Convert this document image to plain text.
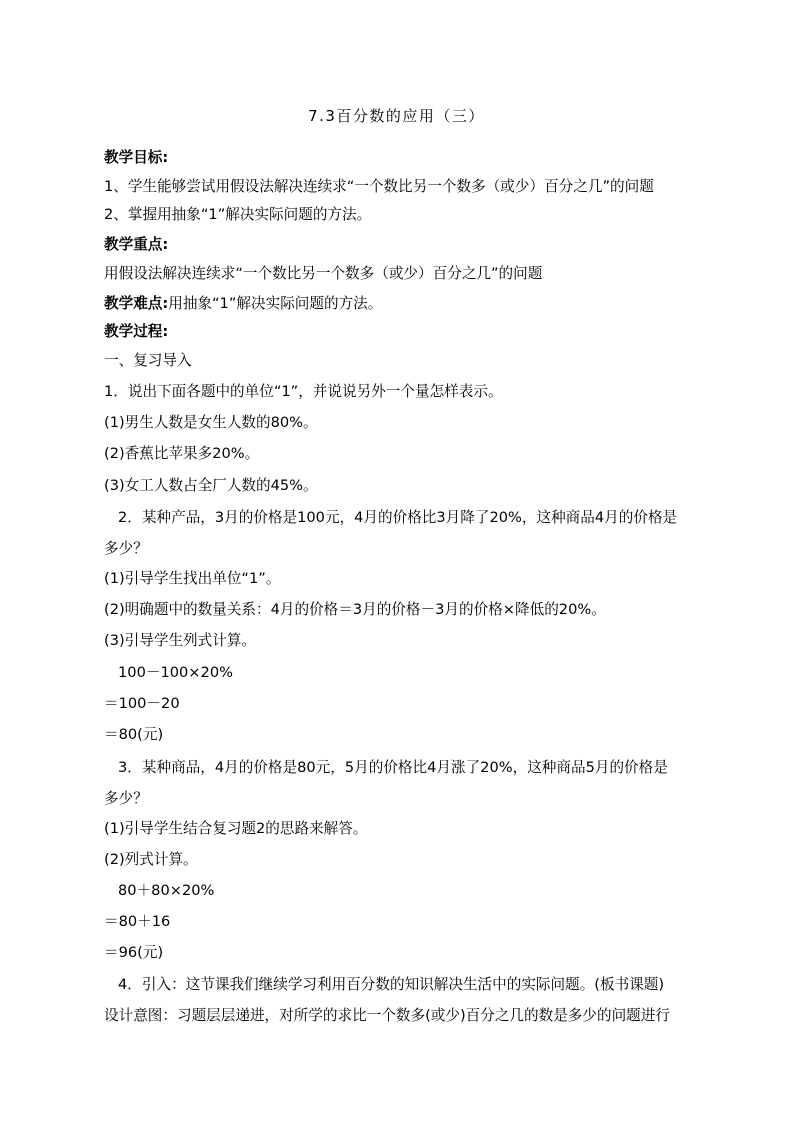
7.3百分数的应用（三）
教学目标:
1、学生能够尝试用假设法解决连续求“一个数比另一个数多（或少）百分之几”的问题
2、掌握用抽象“1”解决实际问题的方法。
教学重点:
用假设法解决连续求“一个数比另一个数多（或少）百分之几”的问题
教学难点:用抽象“1”解决实际问题的方法。
教学过程:
一、复习导入
1．说出下面各题中的单位“1”，并说说另外一个量怎样表示。
(1)男生人数是女生人数的80%。
(2)香蕉比苹果多20%。
(3)女工人数占全厂人数的45%。
2．某种产品，3月的价格是100元，4月的价格比3月降了20%，这种商品4月的价格是
多少？
(1)引导学生找出单位“1”。
(2)明确题中的数量关系：4月的价格＝3月的价格－3月的价格×降低的20%。
(3)引导学生列式计算。
100－100×20%
＝100－20
＝80(元)
3．某种商品，4月的价格是80元，5月的价格比4月涨了20%，这种商品5月的价格是
多少？
(1)引导学生结合复习题2的思路来解答。
(2)列式计算。
80＋80×20%
＝80＋16
＝96(元)
4．引入：这节课我们继续学习利用百分数的知识解决生活中的实际问题。(板书课题)
设计意图：习题层层递进，对所学的求比一个数多(或少)百分之几的数是多少的问题进行
